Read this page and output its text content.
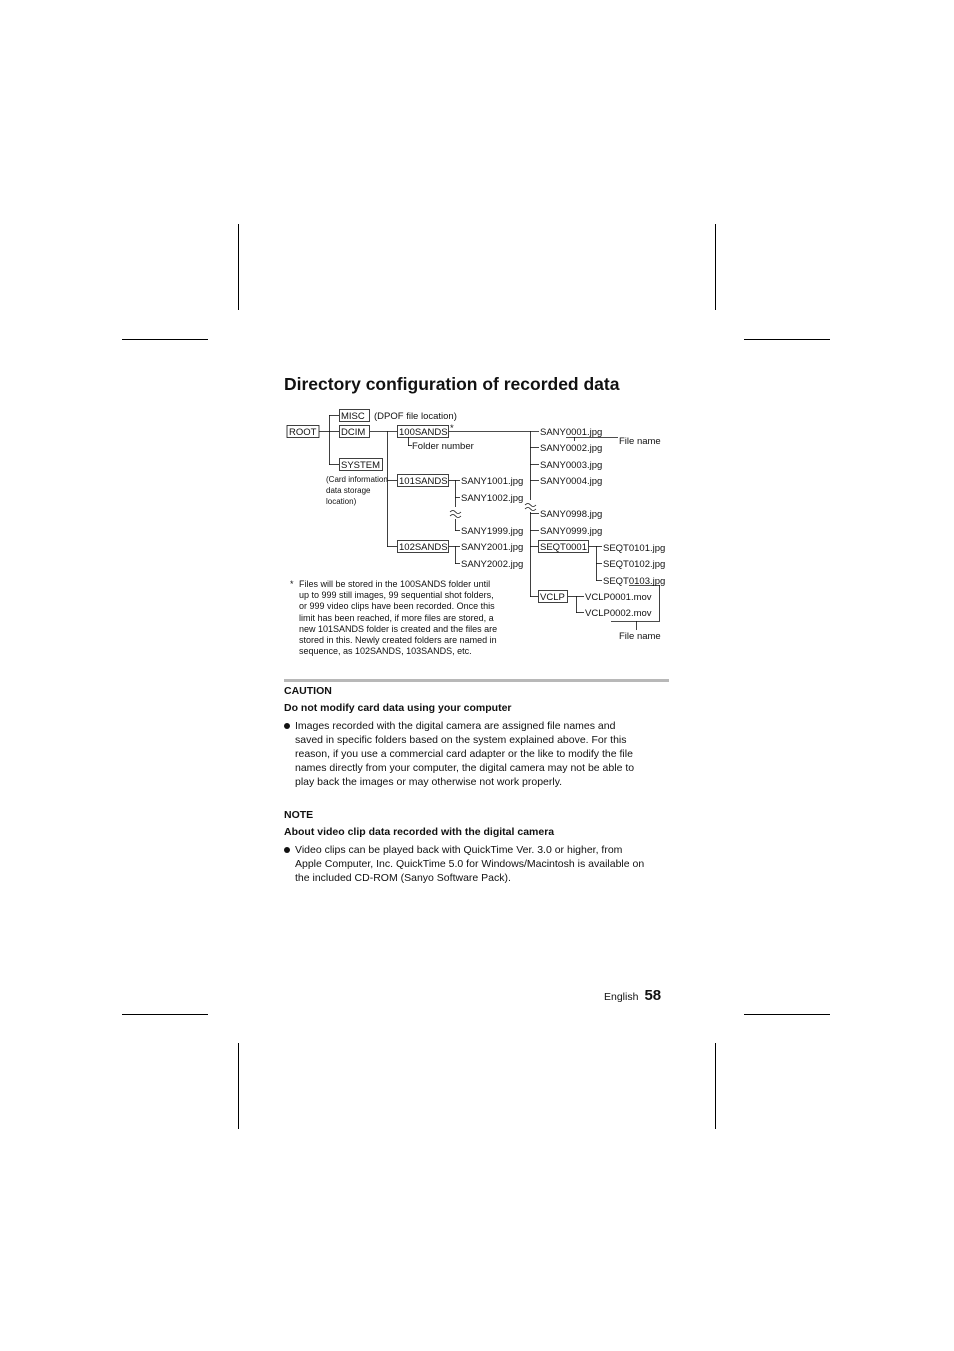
Directory configuration of recorded data
ROOT
MISC (DPOF file location)
DCIM
SYSTEM
(Card information
data storage
location)
100SANDS *
Folder number
101SANDS
102SANDS
SANY1001.jpg
SANY1002.jpg
SANY1999.jpg
SANY2001.jpg
SANY2002.jpg
SANY0001.jpg
SANY0002.jpg
SANY0003.jpg
SANY0004.jpg
SANY0998.jpg
SANY0999.jpg
File name
SEQT0001 SEQT0101.jpg
SEQT0102.jpg
SEQT0103.jpg
VCLP VCLP0001.mov
VCLP0002.mov
File name
* Files will be stored in the 100SANDS folder until
up to 999 still images, 99 sequential shot folders,
or 999 video clips have been recorded. Once this
limit has been reached, if more files are stored, a
new 101SANDS folder is created and the files are
stored in this. Newly created folders are named in
sequence, as 102SANDS, 103SANDS, etc.

CAUTION

Do not modify card data using your computer

Images recorded with the digital camera are assigned file names and
saved in specific folders based on the system explained above. For this
reason, if you use a commercial card adapter or the like to modify the file
names directly from your computer, the digital camera may not be able to
play back the images or may otherwise not work properly.

NOTE

About video clip data recorded with the digital camera

Video clips can be played back with QuickTime Ver. 3.0 or higher, from
Apple Computer, Inc. QuickTime 5.0 for Windows/Macintosh is available on
the included CD-ROM (Sanyo Software Pack).
English 58
